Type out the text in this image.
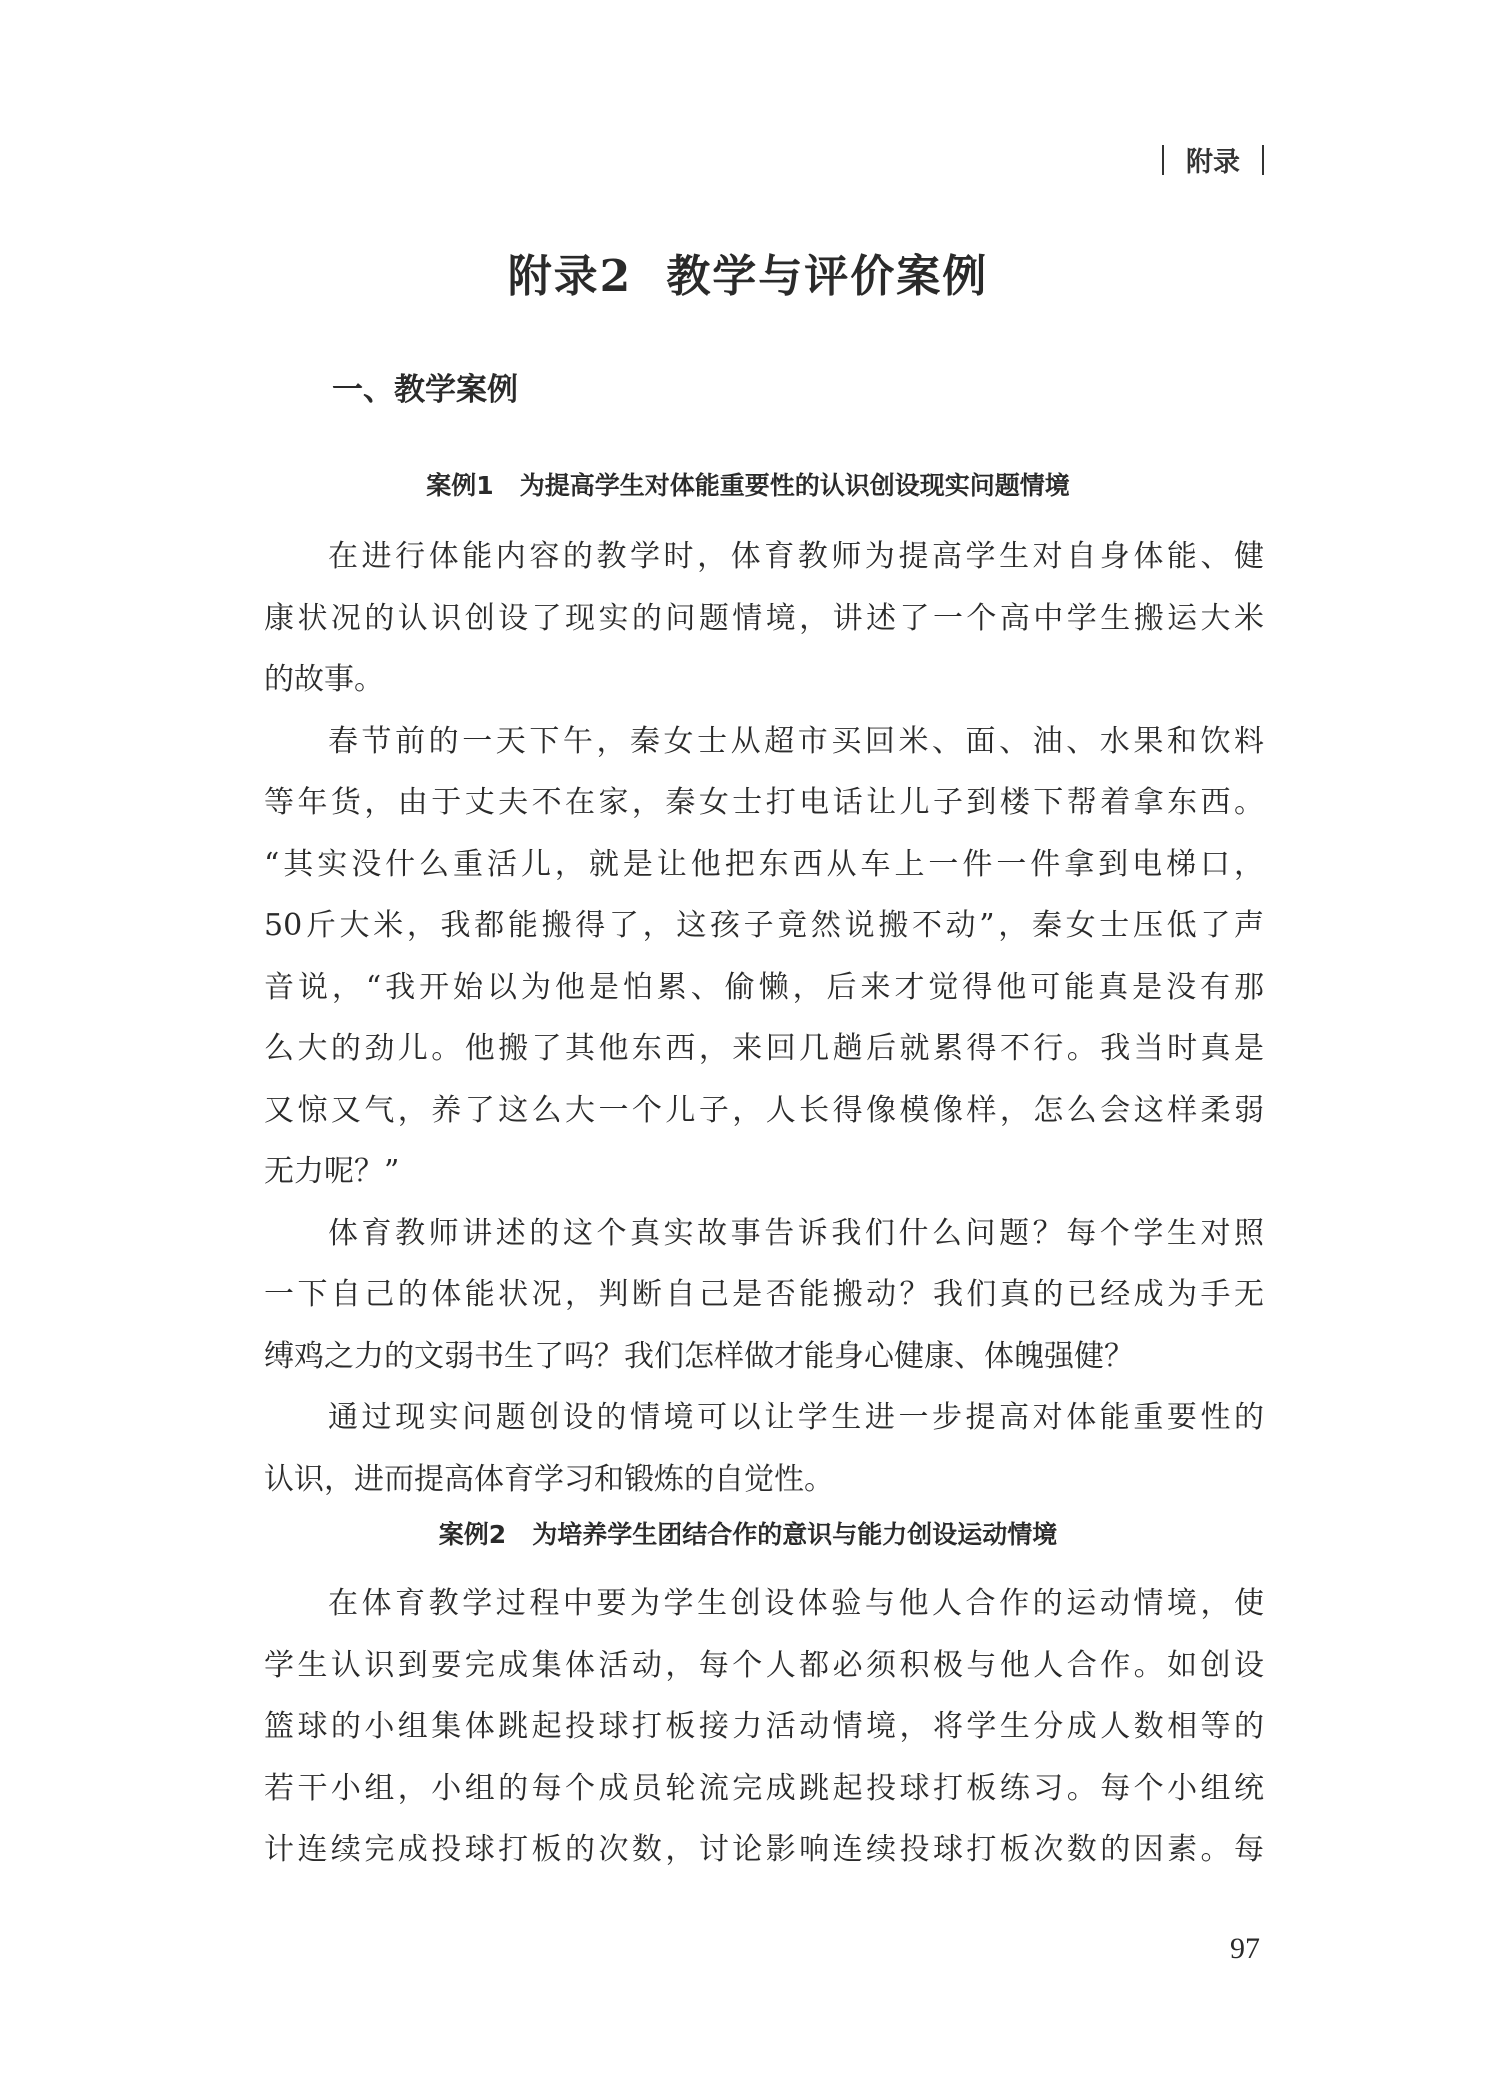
附录
附录2 教学与评价案例
一、教学案例
案例1 为提高学生对体能重要性的认识创设现实问题情境
在进行体能内容的教学时，体育教师为提高学生对自身体能、健
康状况的认识创设了现实的问题情境，讲述了一个高中学生搬运大米
的故事。
春节前的一天下午，秦女士从超市买回米、面、油、水果和饮料
等年货，由于丈夫不在家，秦女士打电话让儿子到楼下帮着拿东西。
“其实没什么重活儿，就是让他把东西从车上一件一件拿到电梯口，
50斤大米，我都能搬得了，这孩子竟然说搬不动”，秦女士压低了声
音说，“我开始以为他是怕累、偷懒，后来才觉得他可能真是没有那
么大的劲儿。他搬了其他东西，来回几趟后就累得不行。我当时真是
又惊又气，养了这么大一个儿子，人长得像模像样，怎么会这样柔弱
无力呢？”
体育教师讲述的这个真实故事告诉我们什么问题？每个学生对照
一下自己的体能状况，判断自己是否能搬动？我们真的已经成为手无
缚鸡之力的文弱书生了吗？我们怎样做才能身心健康、体魄强健？
通过现实问题创设的情境可以让学生进一步提高对体能重要性的
认识，进而提高体育学习和锻炼的自觉性。
案例2 为培养学生团结合作的意识与能力创设运动情境
在体育教学过程中要为学生创设体验与他人合作的运动情境，使
学生认识到要完成集体活动，每个人都必须积极与他人合作。如创设
篮球的小组集体跳起投球打板接力活动情境，将学生分成人数相等的
若干小组，小组的每个成员轮流完成跳起投球打板练习。每个小组统
计连续完成投球打板的次数，讨论影响连续投球打板次数的因素。每
97
